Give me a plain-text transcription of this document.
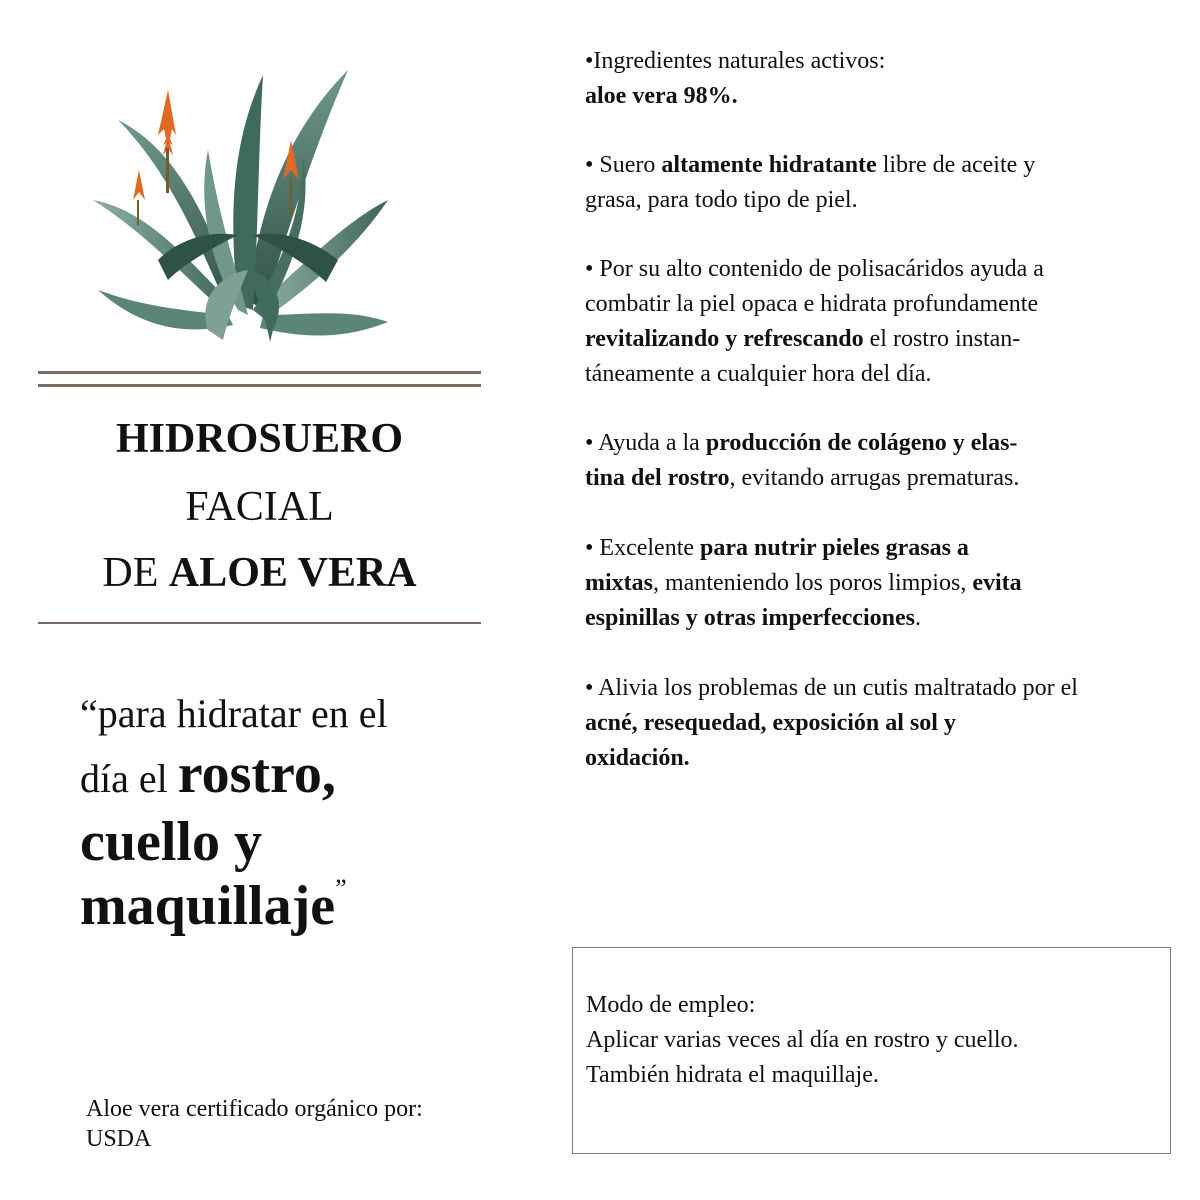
HIDROSUERO
FACIAL
DE ALOE VERA
“para hidratar en el
día el rostro,
cuello y
maquillaje”
Aloe vera certificado orgánico por:
USDA
•Ingredientes naturales activos:
aloe vera 98%.
• Suero altamente hidratante libre de aceite y
grasa, para todo tipo de piel.
• Por su alto contenido de polisacáridos ayuda a
combatir la piel opaca e hidrata profundamente
revitalizando y refrescando el rostro instan-
táneamente a cualquier hora del día.
• Ayuda a la producción de colágeno y elas-
tina del rostro, evitando arrugas prematuras.
• Excelente para nutrir pieles grasas a
mixtas, manteniendo los poros limpios, evita
espinillas y otras imperfecciones.
• Alivia los problemas de un cutis maltratado por el
acné, resequedad, exposición al sol y
oxidación.
Modo de empleo:
Aplicar varias veces al día en rostro y cuello.
También hidrata el maquillaje.
